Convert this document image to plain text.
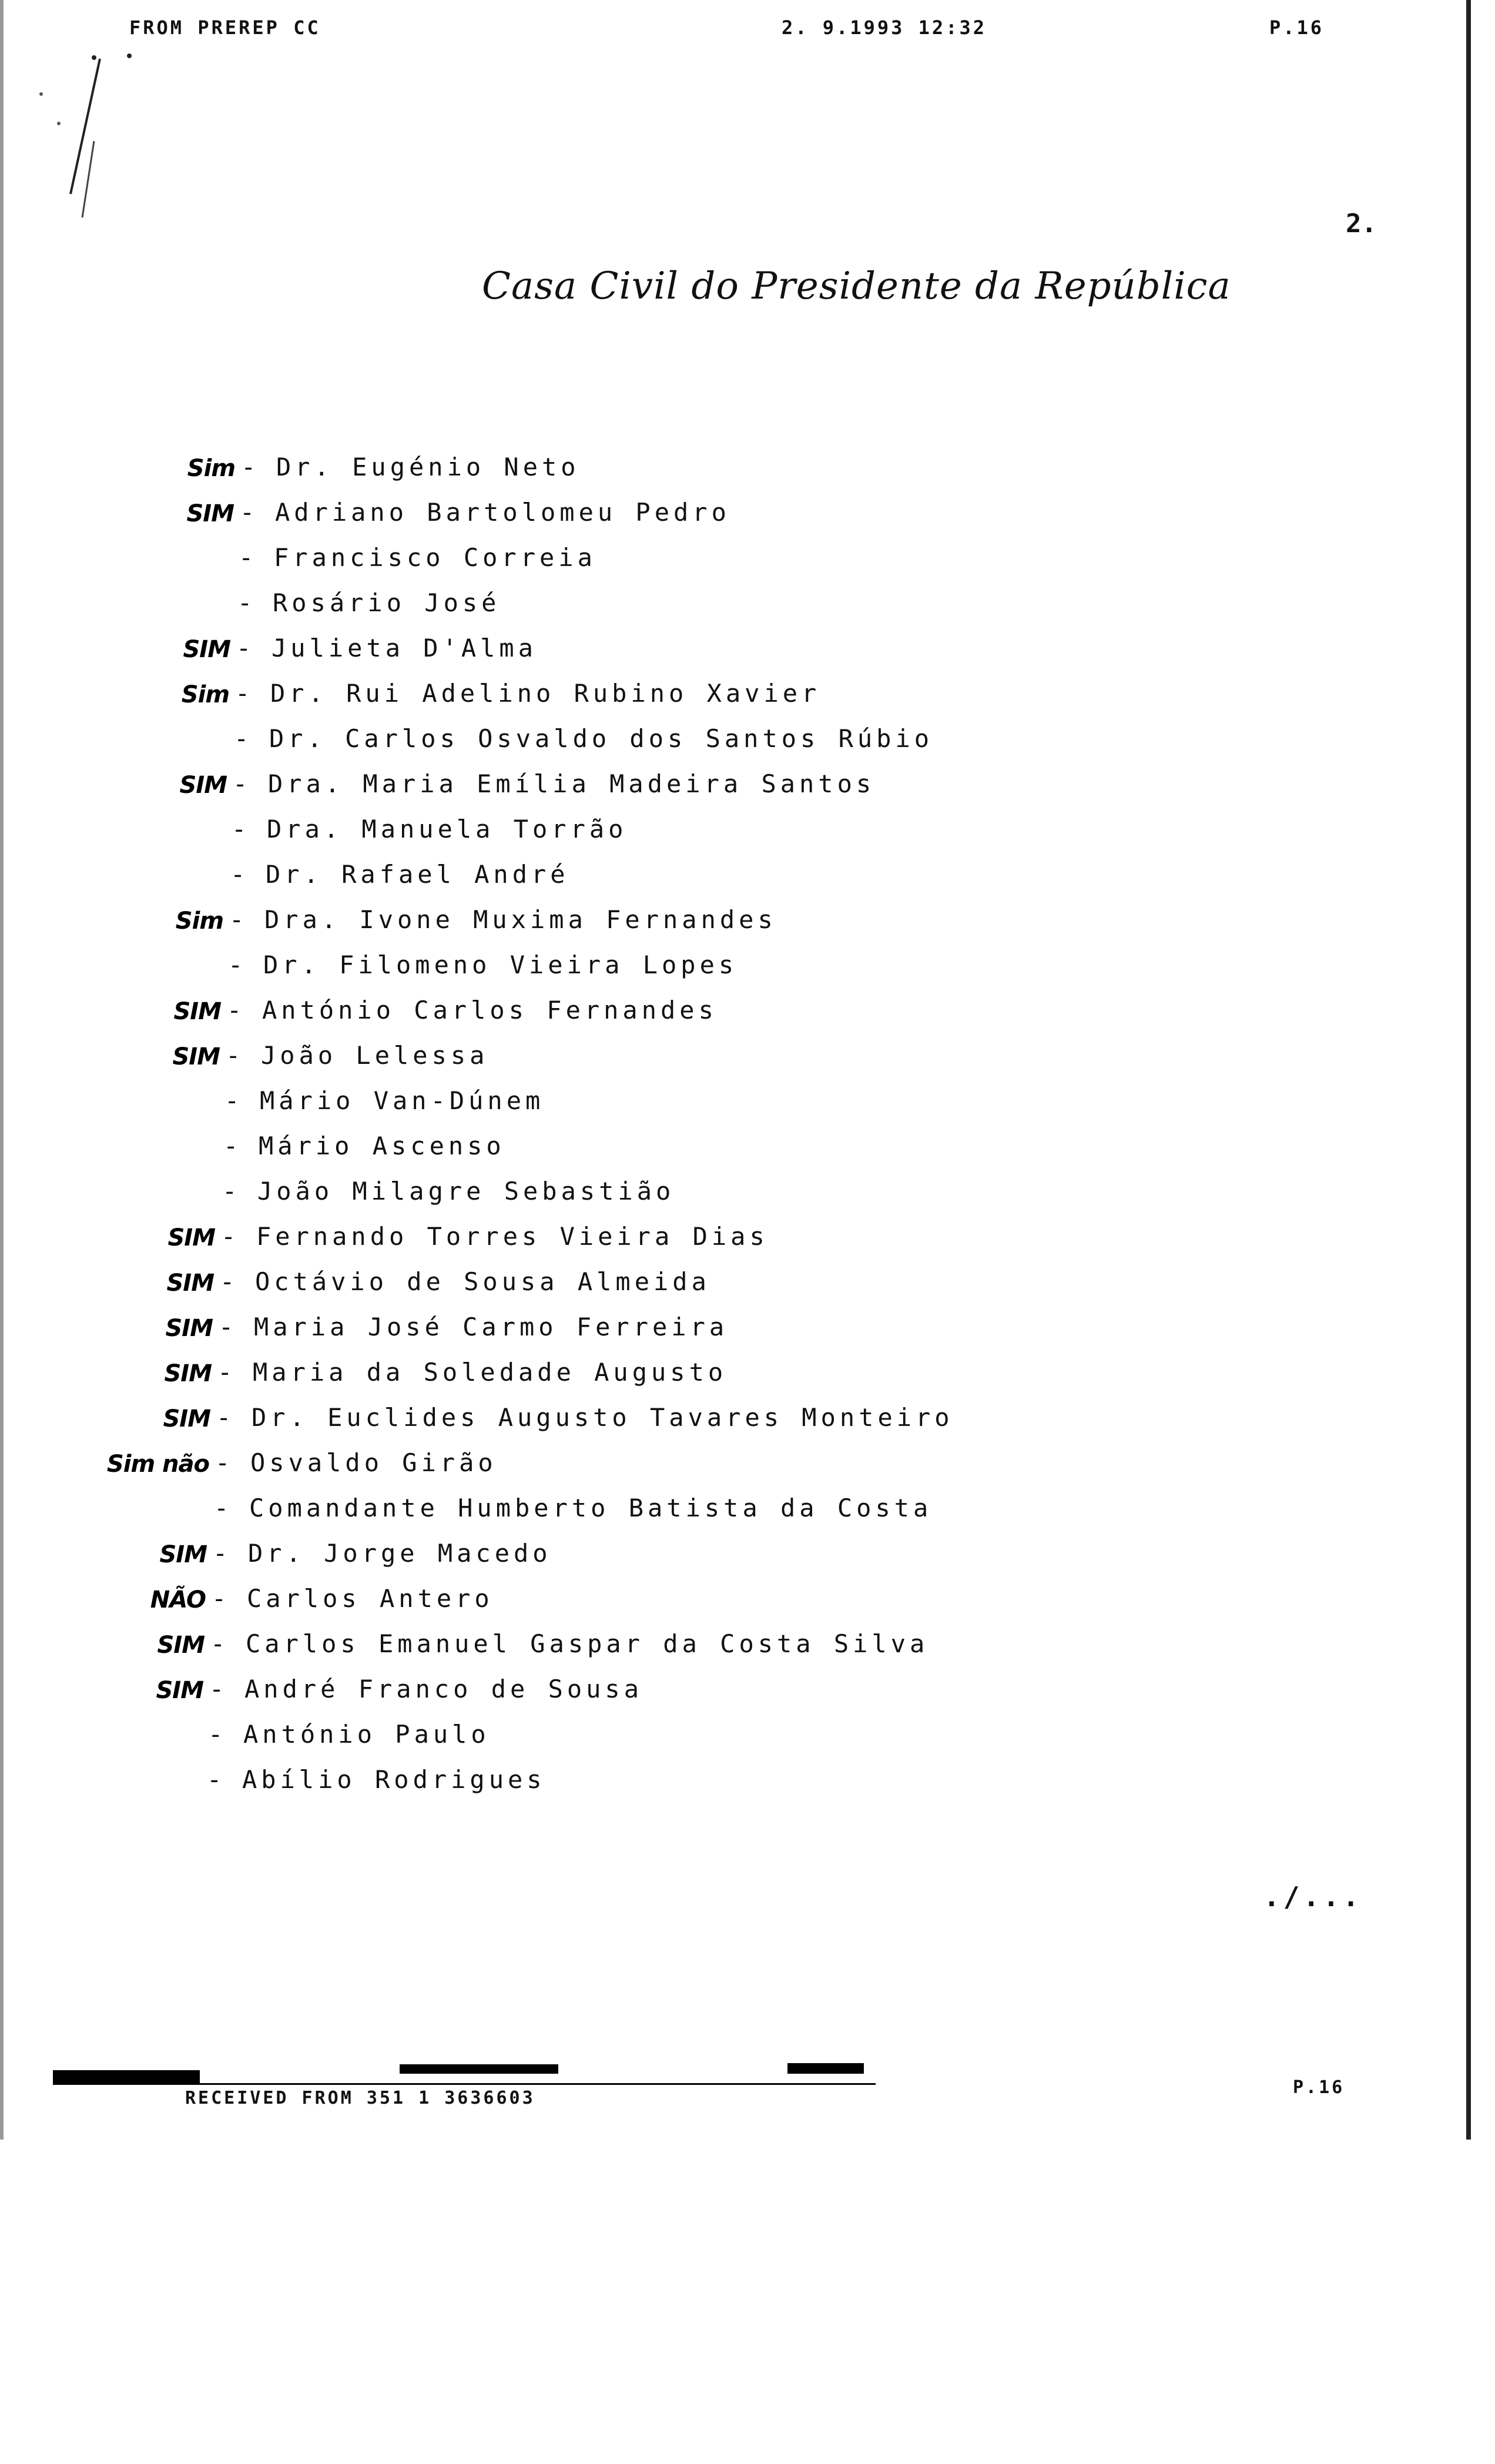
FROM PREREP CC	2. 9.1993 12:32	P.16
2.
Casa Civil do Presidente da República
Sim - Dr. Eugénio Neto
SIM - Adriano Bartolomeu Pedro
- Francisco Correia
- Rosário José
SIM - Julieta D'Alma
Sim - Dr. Rui Adelino Rubino Xavier
- Dr. Carlos Osvaldo dos Santos Rúbio
SIM - Dra. Maria Emília Madeira Santos
- Dra. Manuela Torrão
- Dr. Rafael André
Sim - Dra. Ivone Muxima Fernandes
- Dr. Filomeno Vieira Lopes
SIM - António Carlos Fernandes
SIM - João Lelessa
- Mário Van-Dúnem
- Mário Ascenso
- João Milagre Sebastião
SIM - Fernando Torres Vieira Dias
SIM - Octávio de Sousa Almeida
SIM - Maria José Carmo Ferreira
SIM - Maria da Soledade Augusto
SIM - Dr. Euclides Augusto Tavares Monteiro
Sim não - Osvaldo Girão
- Comandante Humberto Batista da Costa
SIM - Dr. Jorge Macedo
NÃO - Carlos Antero
SIM - Carlos Emanuel Gaspar da Costa Silva
SIM - André Franco de Sousa
- António Paulo
- Abílio Rodrigues
./...
RECEIVED FROM 351 1 3636603
P.16
